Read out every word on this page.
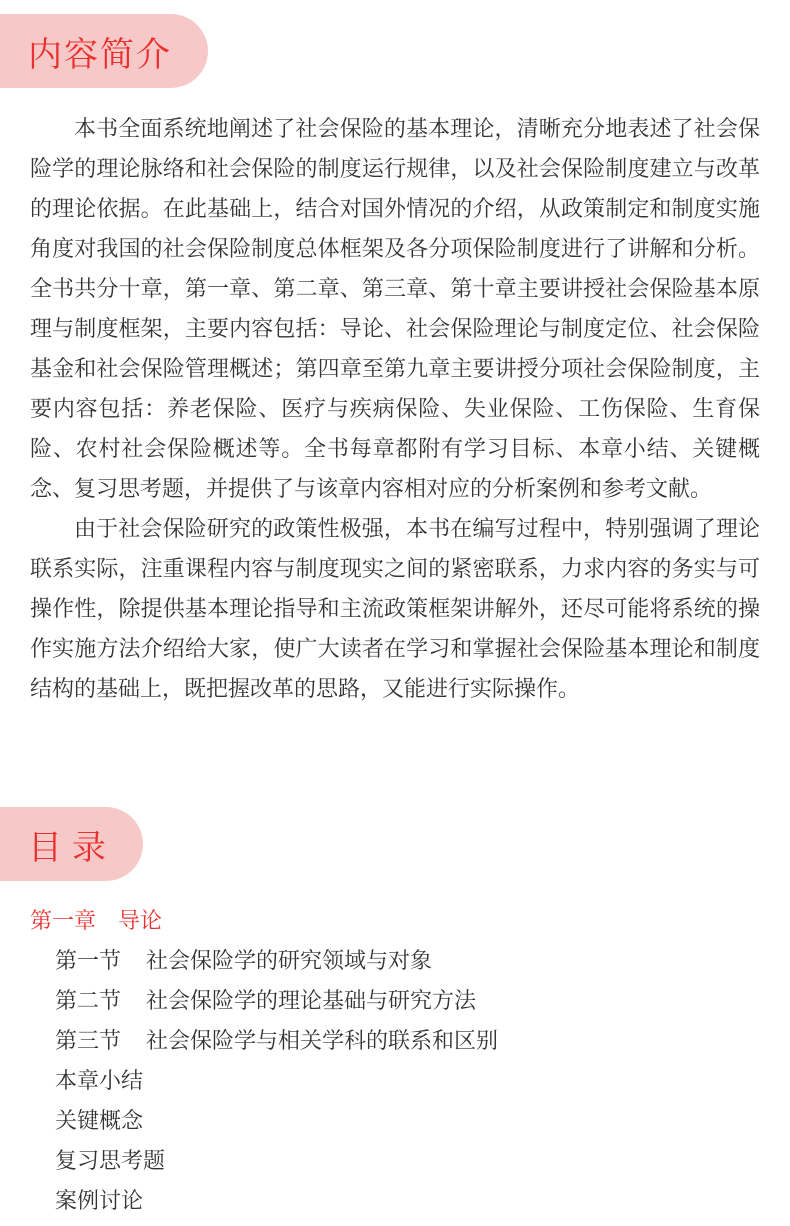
内容简介

本书全面系统地阐述了社会保险的基本理论，清晰充分地表述了社会保险学的理论脉络和社会保险的制度运行规律，以及社会保险制度建立与改革的理论依据。在此基础上，结合对国外情况的介绍，从政策制定和制度实施角度对我国的社会保险制度总体框架及各分项保险制度进行了讲解和分析。全书共分十章，第一章、第二章、第三章、第十章主要讲授社会保险基本原理与制度框架，主要内容包括：导论、社会保险理论与制度定位、社会保险基金和社会保险管理概述；第四章至第九章主要讲授分项社会保险制度，主要内容包括：养老保险、医疗与疾病保险、失业保险、工伤保险、生育保险、农村社会保险概述等。全书每章都附有学习目标、本章小结、关键概念、复习思考题，并提供了与该章内容相对应的分析案例和参考文献。

由于社会保险研究的政策性极强，本书在编写过程中，特别强调了理论联系实际，注重课程内容与制度现实之间的紧密联系，力求内容的务实与可操作性，除提供基本理论指导和主流政策框架讲解外，还尽可能将系统的操作实施方法介绍给大家，使广大读者在学习和掌握社会保险基本理论和制度结构的基础上，既把握改革的思路，又能进行实际操作。

目录
第一章 导论
第一节 社会保险学的研究领域与对象
第二节 社会保险学的理论基础与研究方法
第三节 社会保险学与相关学科的联系和区别
本章小结
关键概念
复习思考题
案例讨论
